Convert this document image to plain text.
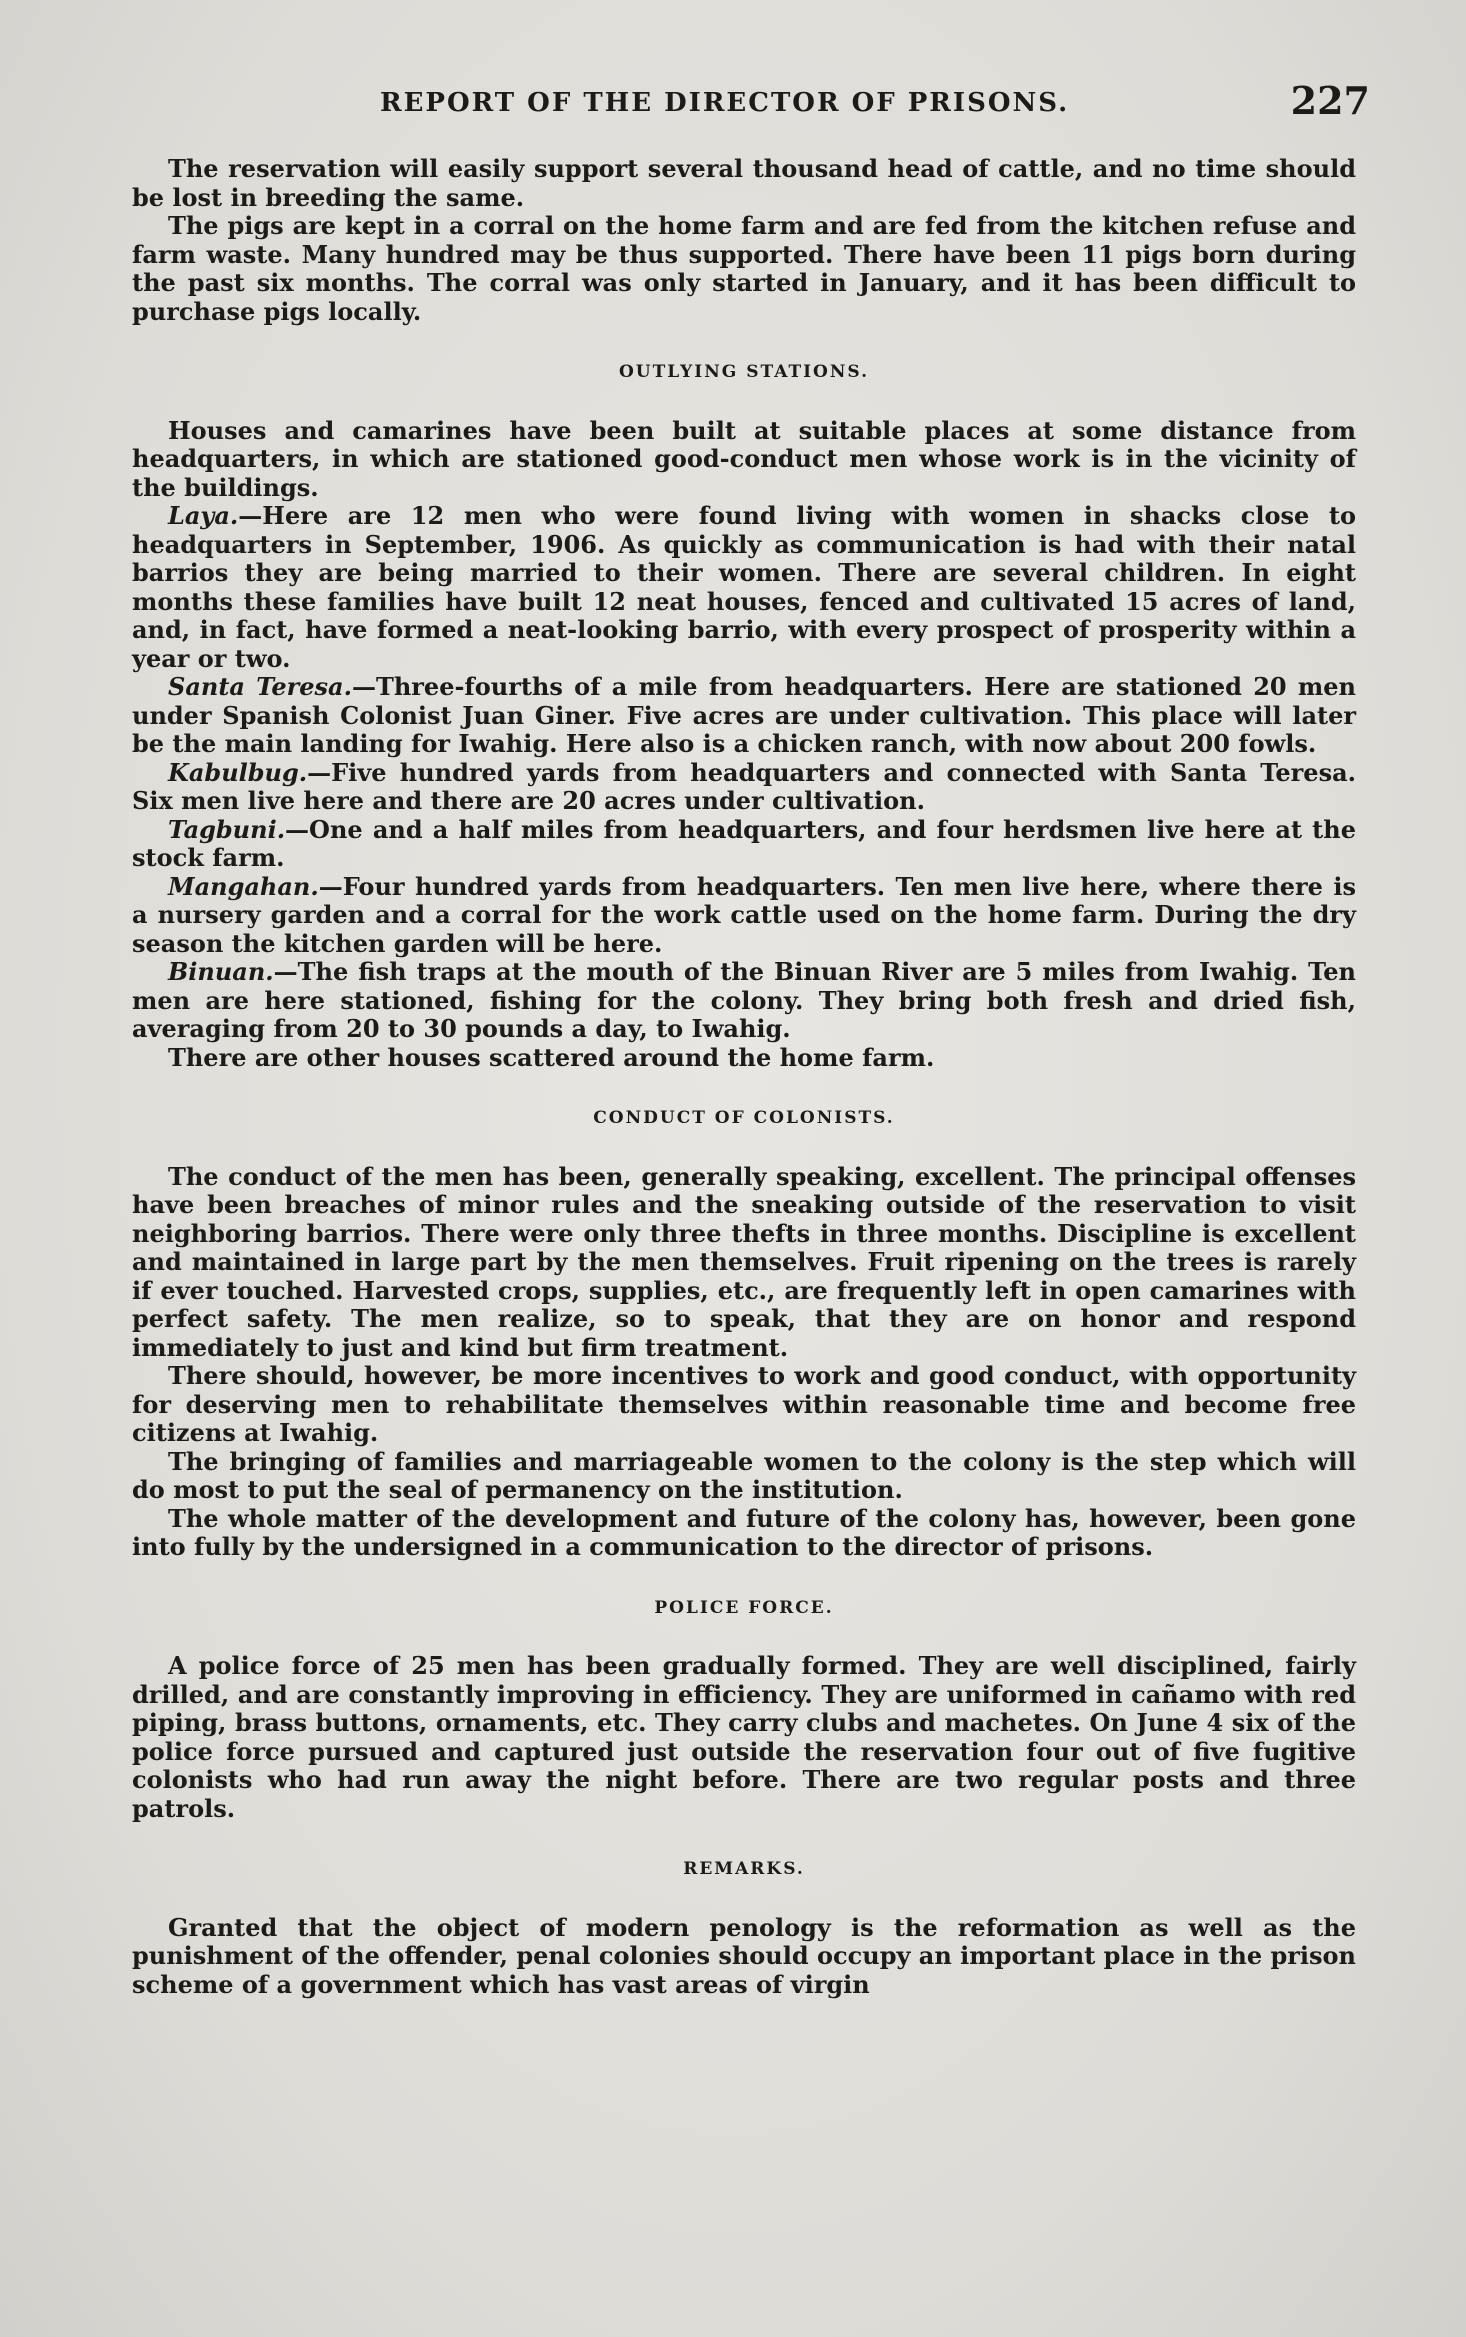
REPORT OF THE DIRECTOR OF PRISONS.	227

The reservation will easily support several thousand head of cattle, and no time should be lost in breeding the same.

The pigs are kept in a corral on the home farm and are fed from the kitchen refuse and farm waste. Many hundred may be thus supported. There have been 11 pigs born during the past six months. The corral was only started in January, and it has been difficult to purchase pigs locally.

OUTLYING STATIONS.

Houses and camarines have been built at suitable places at some distance from headquarters, in which are stationed good-conduct men whose work is in the vicinity of the buildings.

Laya.—Here are 12 men who were found living with women in shacks close to headquarters in September, 1906. As quickly as communication is had with their natal barrios they are being married to their women. There are several children. In eight months these families have built 12 neat houses, fenced and cultivated 15 acres of land, and, in fact, have formed a neat-looking barrio, with every prospect of prosperity within a year or two.

Santa Teresa.—Three-fourths of a mile from headquarters. Here are stationed 20 men under Spanish Colonist Juan Giner. Five acres are under cultivation. This place will later be the main landing for Iwahig. Here also is a chicken ranch, with now about 200 fowls.

Kabulbug.—Five hundred yards from headquarters and connected with Santa Teresa. Six men live here and there are 20 acres under cultivation.

Tagbuni.—One and a half miles from headquarters, and four herdsmen live here at the stock farm.

Mangahan.—Four hundred yards from headquarters. Ten men live here, where there is a nursery garden and a corral for the work cattle used on the home farm. During the dry season the kitchen garden will be here.

Binuan.—The fish traps at the mouth of the Binuan River are 5 miles from Iwahig. Ten men are here stationed, fishing for the colony. They bring both fresh and dried fish, averaging from 20 to 30 pounds a day, to Iwahig.

There are other houses scattered around the home farm.

CONDUCT OF COLONISTS.

The conduct of the men has been, generally speaking, excellent. The principal offenses have been breaches of minor rules and the sneaking outside of the reservation to visit neighboring barrios. There were only three thefts in three months. Discipline is excellent and maintained in large part by the men themselves. Fruit ripening on the trees is rarely if ever touched. Harvested crops, supplies, etc., are frequently left in open camarines with perfect safety. The men realize, so to speak, that they are on honor and respond immediately to just and kind but firm treatment.

There should, however, be more incentives to work and good conduct, with opportunity for deserving men to rehabilitate themselves within reasonable time and become free citizens at Iwahig.

The bringing of families and marriageable women to the colony is the step which will do most to put the seal of permanency on the institution.

The whole matter of the development and future of the colony has, however, been gone into fully by the undersigned in a communication to the director of prisons.

POLICE FORCE.

A police force of 25 men has been gradually formed. They are well disciplined, fairly drilled, and are constantly improving in efficiency. They are uniformed in cañamo with red piping, brass buttons, ornaments, etc. They carry clubs and machetes. On June 4 six of the police force pursued and captured just outside the reservation four out of five fugitive colonists who had run away the night before. There are two regular posts and three patrols.

REMARKS.

Granted that the object of modern penology is the reformation as well as the punishment of the offender, penal colonies should occupy an important place in the prison scheme of a government which has vast areas of virgin
